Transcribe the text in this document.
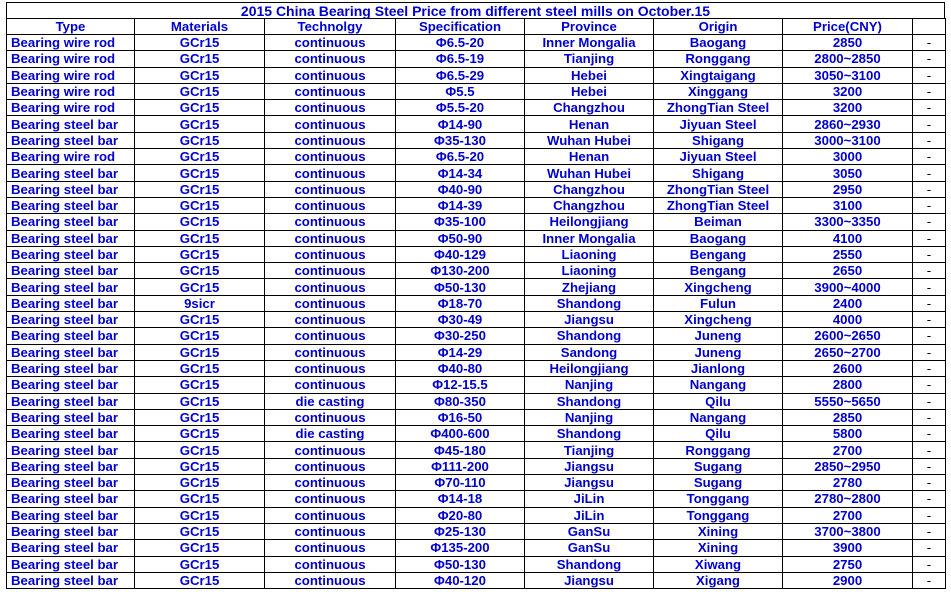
2015 China Bearing Steel Price from different steel mills on October.15
Type	Materials	Technolgy	Specification	Province	Origin	Price(CNY)	
Bearing wire rod	GCr15	continuous	Φ6.5-20	Inner Mongalia	Baogang	2850	-
Bearing wire rod	GCr15	continuous	Φ6.5-19	Tianjing	Ronggang	2800~2850	-
Bearing wire rod	GCr15	continuous	Φ6.5-29	Hebei	Xingtaigang	3050~3100	-
Bearing wire rod	GCr15	continuous	Φ5.5	Hebei	Xinggang	3200	-
Bearing wire rod	GCr15	continuous	Φ5.5-20	Changzhou	ZhongTian Steel	3200	-
Bearing steel bar	GCr15	continuous	Φ14-90	Henan	Jiyuan Steel	2860~2930	-
Bearing steel bar	GCr15	continuous	Φ35-130	Wuhan Hubei	Shigang	3000~3100	-
Bearing wire rod	GCr15	continuous	Φ6.5-20	Henan	Jiyuan Steel	3000	-
Bearing steel bar	GCr15	continuous	Φ14-34	Wuhan Hubei	Shigang	3050	-
Bearing steel bar	GCr15	continuous	Φ40-90	Changzhou	ZhongTian Steel	2950	-
Bearing steel bar	GCr15	continuous	Φ14-39	Changzhou	ZhongTian Steel	3100	-
Bearing steel bar	GCr15	continuous	Φ35-100	Heilongjiang	Beiman	3300~3350	-
Bearing steel bar	GCr15	continuous	Φ50-90	Inner Mongalia	Baogang	4100	-
Bearing steel bar	GCr15	continuous	Φ40-129	Liaoning	Bengang	2550	-
Bearing steel bar	GCr15	continuous	Φ130-200	Liaoning	Bengang	2650	-
Bearing steel bar	GCr15	continuous	Φ50-130	Zhejiang	Xingcheng	3900~4000	-
Bearing steel bar	9sicr	continuous	Φ18-70	Shandong	Fulun	2400	-
Bearing steel bar	GCr15	continuous	Φ30-49	Jiangsu	Xingcheng	4000	-
Bearing steel bar	GCr15	continuous	Φ30-250	Shandong	Juneng	2600~2650	-
Bearing steel bar	GCr15	continuous	Φ14-29	Sandong	Juneng	2650~2700	-
Bearing steel bar	GCr15	continuous	Φ40-80	Heilongjiang	Jianlong	2600	-
Bearing steel bar	GCr15	continuous	Φ12-15.5	Nanjing	Nangang	2800	-
Bearing steel bar	GCr15	die casting	Φ80-350	Shandong	Qilu	5550~5650	-
Bearing steel bar	GCr15	continuous	Φ16-50	Nanjing	Nangang	2850	-
Bearing steel bar	GCr15	die casting	Φ400-600	Shandong	Qilu	5800	-
Bearing steel bar	GCr15	continuous	Φ45-180	Tianjing	Ronggang	2700	-
Bearing steel bar	GCr15	continuous	Φ111-200	Jiangsu	Sugang	2850~2950	-
Bearing steel bar	GCr15	continuous	Φ70-110	Jiangsu	Sugang	2780	-
Bearing steel bar	GCr15	continuous	Φ14-18	JiLin	Tonggang	2780~2800	-
Bearing steel bar	GCr15	continuous	Φ20-80	JiLin	Tonggang	2700	-
Bearing steel bar	GCr15	continuous	Φ25-130	GanSu	Xining	3700~3800	-
Bearing steel bar	GCr15	continuous	Φ135-200	GanSu	Xining	3900	-
Bearing steel bar	GCr15	continuous	Φ50-130	Shandong	Xiwang	2750	-
Bearing steel bar	GCr15	continuous	Φ40-120	Jiangsu	Xigang	2900	-
